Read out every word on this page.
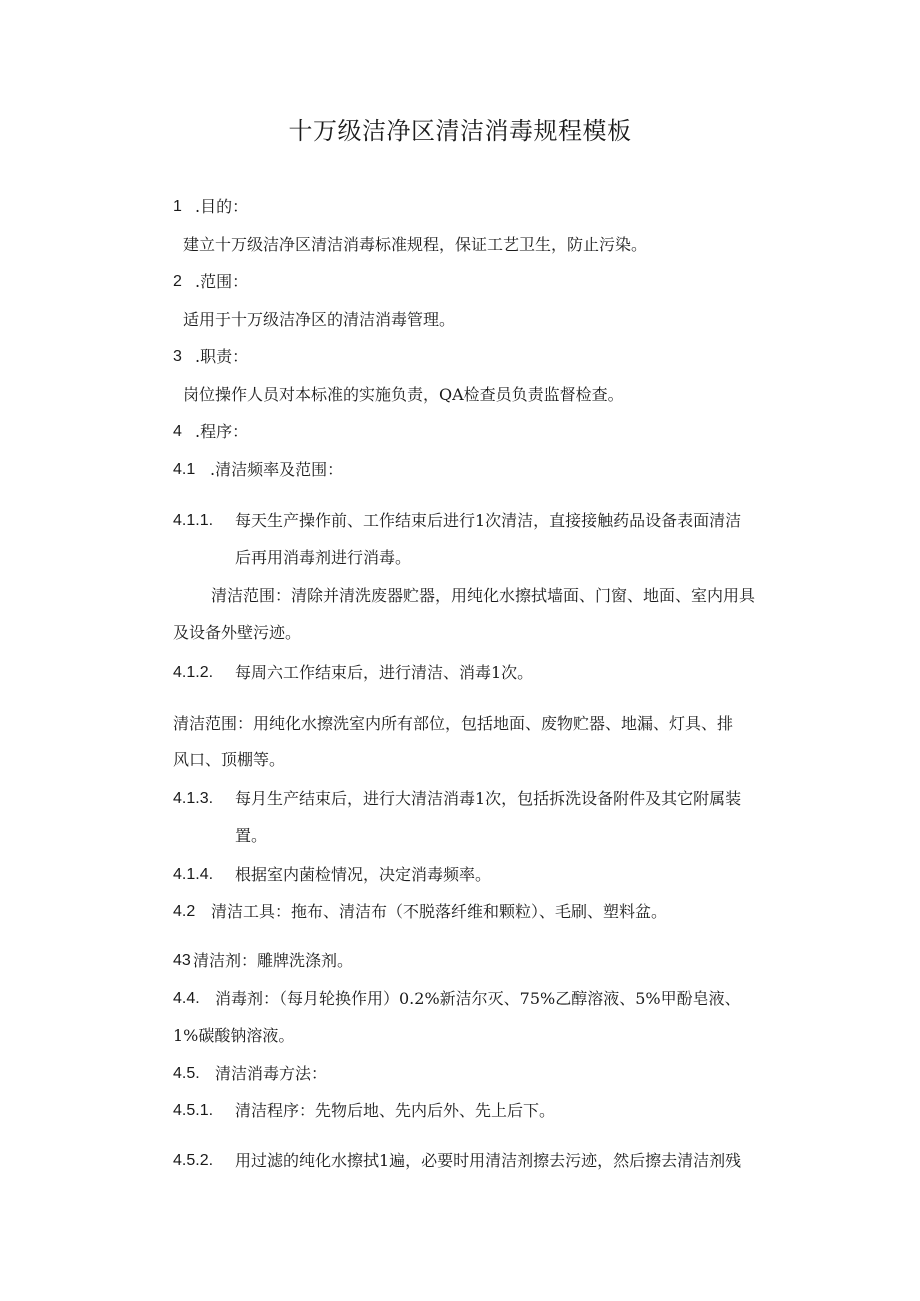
十万级洁净区清洁消毒规程模板
1 .目的：
建立十万级洁净区清洁消毒标准规程，保证工艺卫生，防止污染。
2 .范围：
适用于十万级洁净区的清洁消毒管理。
3 .职责：
岗位操作人员对本标准的实施负责，QA检查员负责监督检查。
4 .程序：
4.1 .清洁频率及范围：
4.1.1. 每天生产操作前、工作结束后进行1次清洁，直接接触药品设备表面清洁
后再用消毒剂进行消毒。
清洁范围：清除并清洗废器贮器，用纯化水擦拭墙面、门窗、地面、室内用具
及设备外壁污迹。
4.1.2. 每周六工作结束后，进行清洁、消毒1次。
清洁范围：用纯化水擦洗室内所有部位，包括地面、废物贮器、地漏、灯具、排
风口、顶棚等。
4.1.3. 每月生产结束后，进行大清洁消毒1次，包括拆洗设备附件及其它附属装
置。
4.1.4. 根据室内菌检情况，决定消毒频率。
4.2 清洁工具：拖布、清洁布（不脱落纤维和颗粒）、毛刷、塑料盆。
43 清洁剂：雕牌洗涤剂。
4.4. 消毒剂：（每月轮换作用）0.2%新洁尔灭、75%乙醇溶液、5%甲酚皂液、
1%碳酸钠溶液。
4.5. 清洁消毒方法：
4.5.1. 清洁程序：先物后地、先内后外、先上后下。
4.5.2. 用过滤的纯化水擦拭1遍，必要时用清洁剂擦去污迹，然后擦去清洁剂残
